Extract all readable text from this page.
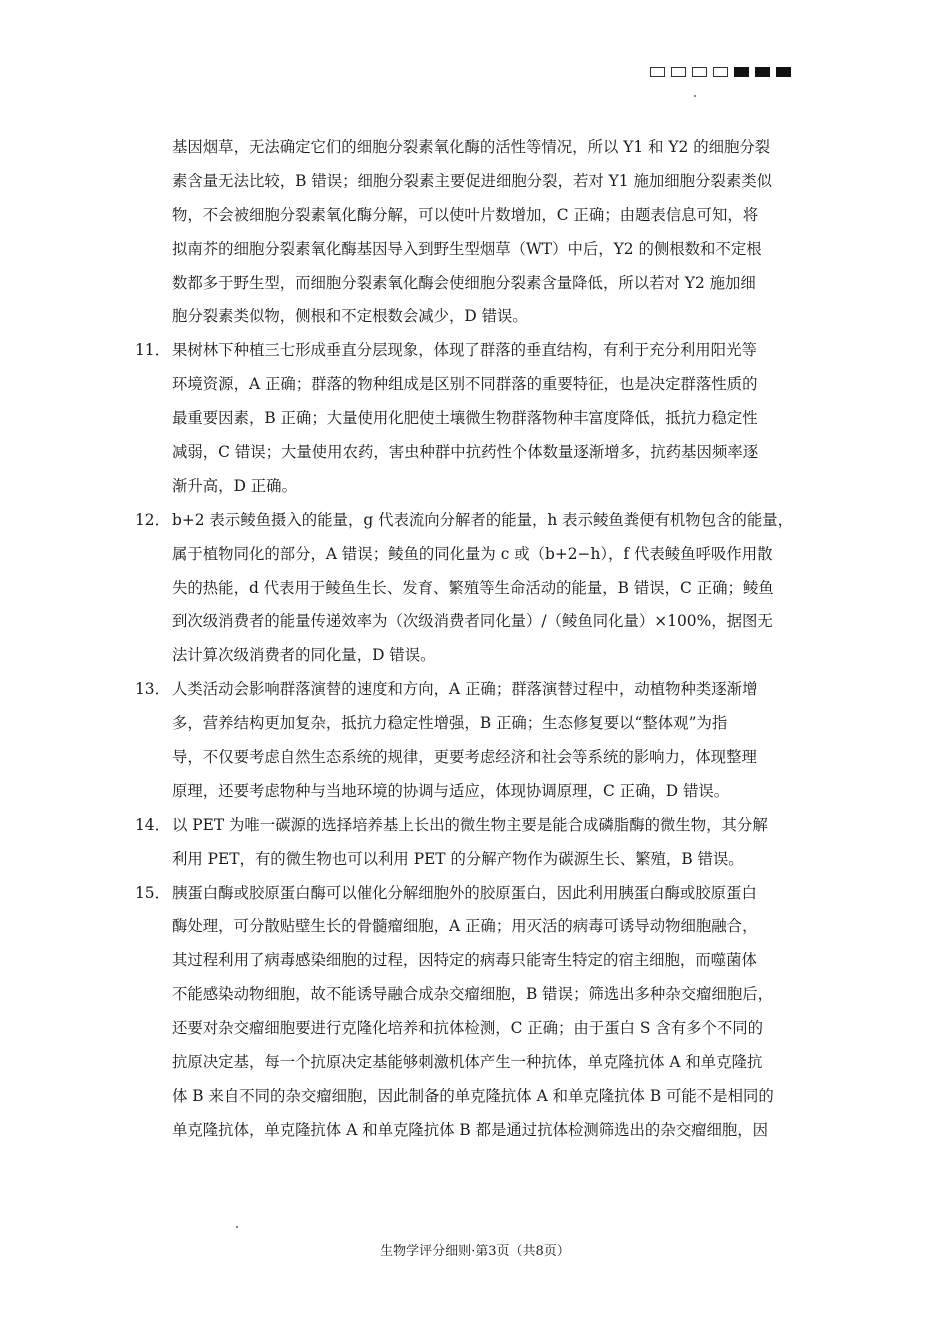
基因烟草，无法确定它们的细胞分裂素氧化酶的活性等情况，所以 Y1 和 Y2 的细胞分裂
素含量无法比较，B 错误；细胞分裂素主要促进细胞分裂，若对 Y1 施加细胞分裂素类似
物，不会被细胞分裂素氧化酶分解，可以使叶片数增加，C 正确；由题表信息可知，将
拟南芥的细胞分裂素氧化酶基因导入到野生型烟草（WT）中后，Y2 的侧根数和不定根
数都多于野生型，而细胞分裂素氧化酶会使细胞分裂素含量降低，所以若对 Y2 施加细
胞分裂素类似物，侧根和不定根数会减少，D 错误。
11． 果树林下种植三七形成垂直分层现象，体现了群落的垂直结构，有利于充分利用阳光等
环境资源，A 正确；群落的物种组成是区别不同群落的重要特征，也是决定群落性质的
最重要因素，B 正确；大量使用化肥使土壤微生物群落物种丰富度降低，抵抗力稳定性
减弱，C 错误；大量使用农药，害虫种群中抗药性个体数量逐渐增多，抗药基因频率逐
渐升高，D 正确。
12． b+2 表示鲮鱼摄入的能量，g 代表流向分解者的能量，h 表示鲮鱼粪便有机物包含的能量，
属于植物同化的部分，A 错误；鲮鱼的同化量为 c 或（b+2−h），f 代表鲮鱼呼吸作用散
失的热能，d 代表用于鲮鱼生长、发育、繁殖等生命活动的能量，B 错误，C 正确；鲮鱼
到次级消费者的能量传递效率为（次级消费者同化量）/（鲮鱼同化量）×100%，据图无
法计算次级消费者的同化量，D 错误。
13． 人类活动会影响群落演替的速度和方向，A 正确；群落演替过程中，动植物种类逐渐增
多，营养结构更加复杂，抵抗力稳定性增强，B 正确；生态修复要以“整体观”为指
导，不仅要考虑自然生态系统的规律，更要考虑经济和社会等系统的影响力，体现整理
原理，还要考虑物种与当地环境的协调与适应，体现协调原理，C 正确，D 错误。
14． 以 PET 为唯一碳源的选择培养基上长出的微生物主要是能合成磷脂酶的微生物，其分解
利用 PET，有的微生物也可以利用 PET 的分解产物作为碳源生长、繁殖，B 错误。
15． 胰蛋白酶或胶原蛋白酶可以催化分解细胞外的胶原蛋白，因此利用胰蛋白酶或胶原蛋白
酶处理，可分散贴壁生长的骨髓瘤细胞，A 正确；用灭活的病毒可诱导动物细胞融合，
其过程利用了病毒感染细胞的过程，因特定的病毒只能寄生特定的宿主细胞，而噬菌体
不能感染动物细胞，故不能诱导融合成杂交瘤细胞，B 错误；筛选出多种杂交瘤细胞后，
还要对杂交瘤细胞要进行克隆化培养和抗体检测，C 正确；由于蛋白 S 含有多个不同的
抗原决定基，每一个抗原决定基能够刺激机体产生一种抗体，单克隆抗体 A 和单克隆抗
体 B 来自不同的杂交瘤细胞，因此制备的单克隆抗体 A 和单克隆抗体 B 可能不是相同的
单克隆抗体，单克隆抗体 A 和单克隆抗体 B 都是通过抗体检测筛选出的杂交瘤细胞，因
生物学评分细则·第3页（共8页）
